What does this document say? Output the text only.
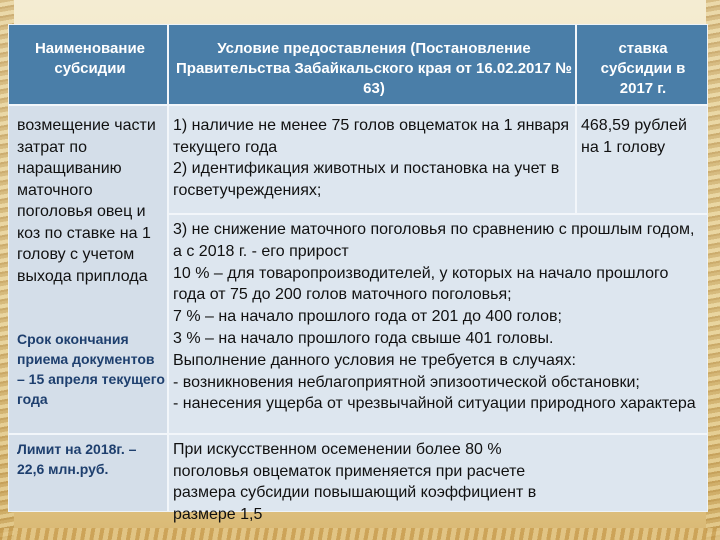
Наименование субсидии
Условие предоставления (Постановление Правительства Забайкальского края от 16.02.2017 № 63)
ставка субсидии в 2017 г.
возмещение части затрат по наращиванию маточного поголовья овец и коз по ставке на 1 голову с учетом выхода приплода
Срок окончания приема документов – 15 апреля текущего года
Лимит на 2018г. – 22,6 млн.руб.
1) наличие не менее 75 голов овцематок на 1 января текущего года
2) идентификация животных и постановка на учет в госветучреждениях;
3) не снижение маточного поголовья по сравнению с прошлым годом, а с 2018 г. - его прирост
10 % – для товаропроизводителей, у которых на начало прошлого года от 75 до 200 голов маточного поголовья;
7 % – на начало прошлого года от 201 до 400 голов;
3 % – на начало прошлого года свыше 401 головы.
Выполнение данного условия не требуется в случаях:
- возникновения неблагоприятной эпизоотической обстановки;
- нанесения ущерба от чрезвычайной ситуации природного характера
При искусственном осеменении более 80 % поголовья овцематок применяется при расчете размера субсидии повышающий коэффициент в размере 1,5
468,59 рублей на 1 голову
